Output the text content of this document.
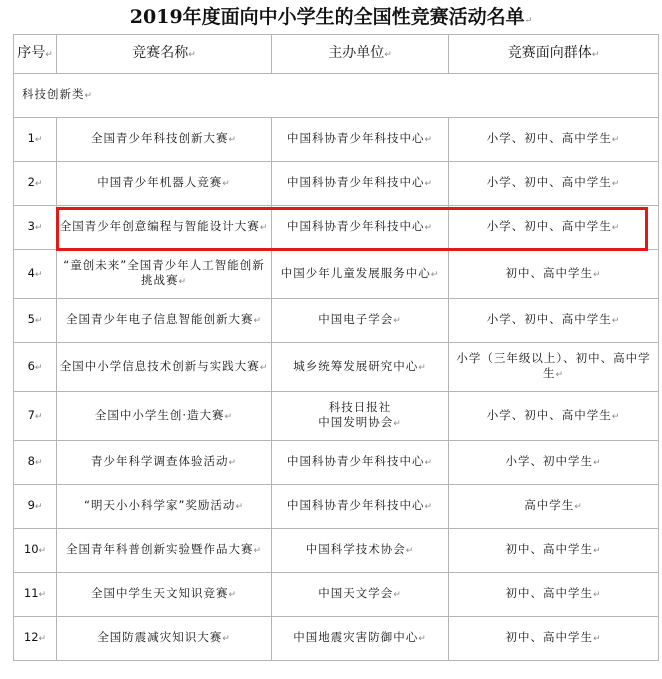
2019年度面向中小学生的全国性竞赛活动名单↵
序号↵	竞赛名称↵	主办单位↵	竞赛面向群体↵
科技创新类↵			
1↵	全国青少年科技创新大赛↵	中国科协青少年科技中心↵	小学、初中、高中学生↵
2↵	中国青少年机器人竞赛↵	中国科协青少年科技中心↵	小学、初中、高中学生↵
3↵	全国青少年创意编程与智能设计大赛↵	中国科协青少年科技中心↵	小学、初中、高中学生↵
4↵	“童创未来”全国青少年人工智能创新挑战赛↵	中国少年儿童发展服务中心↵	初中、高中学生↵
5↵	全国青少年电子信息智能创新大赛↵	中国电子学会↵	小学、初中、高中学生↵
6↵	全国中小学信息技术创新与实践大赛↵	城乡统筹发展研究中心↵	小学（三年级以上）、初中、高中学生↵
7↵	全国中小学生创·造大赛↵	科技日报社
中国发明协会↵	小学、初中、高中学生↵
8↵	青少年科学调查体验活动↵	中国科协青少年科技中心↵	小学、初中学生↵
9↵	“明天小小科学家”奖励活动↵	中国科协青少年科技中心↵	高中学生↵
10↵	全国青年科普创新实验暨作品大赛↵	中国科学技术协会↵	初中、高中学生↵
11↵	全国中学生天文知识竞赛↵	中国天文学会↵	初中、高中学生↵
12↵	全国防震减灾知识大赛↵	中国地震灾害防御中心↵	初中、高中学生↵
